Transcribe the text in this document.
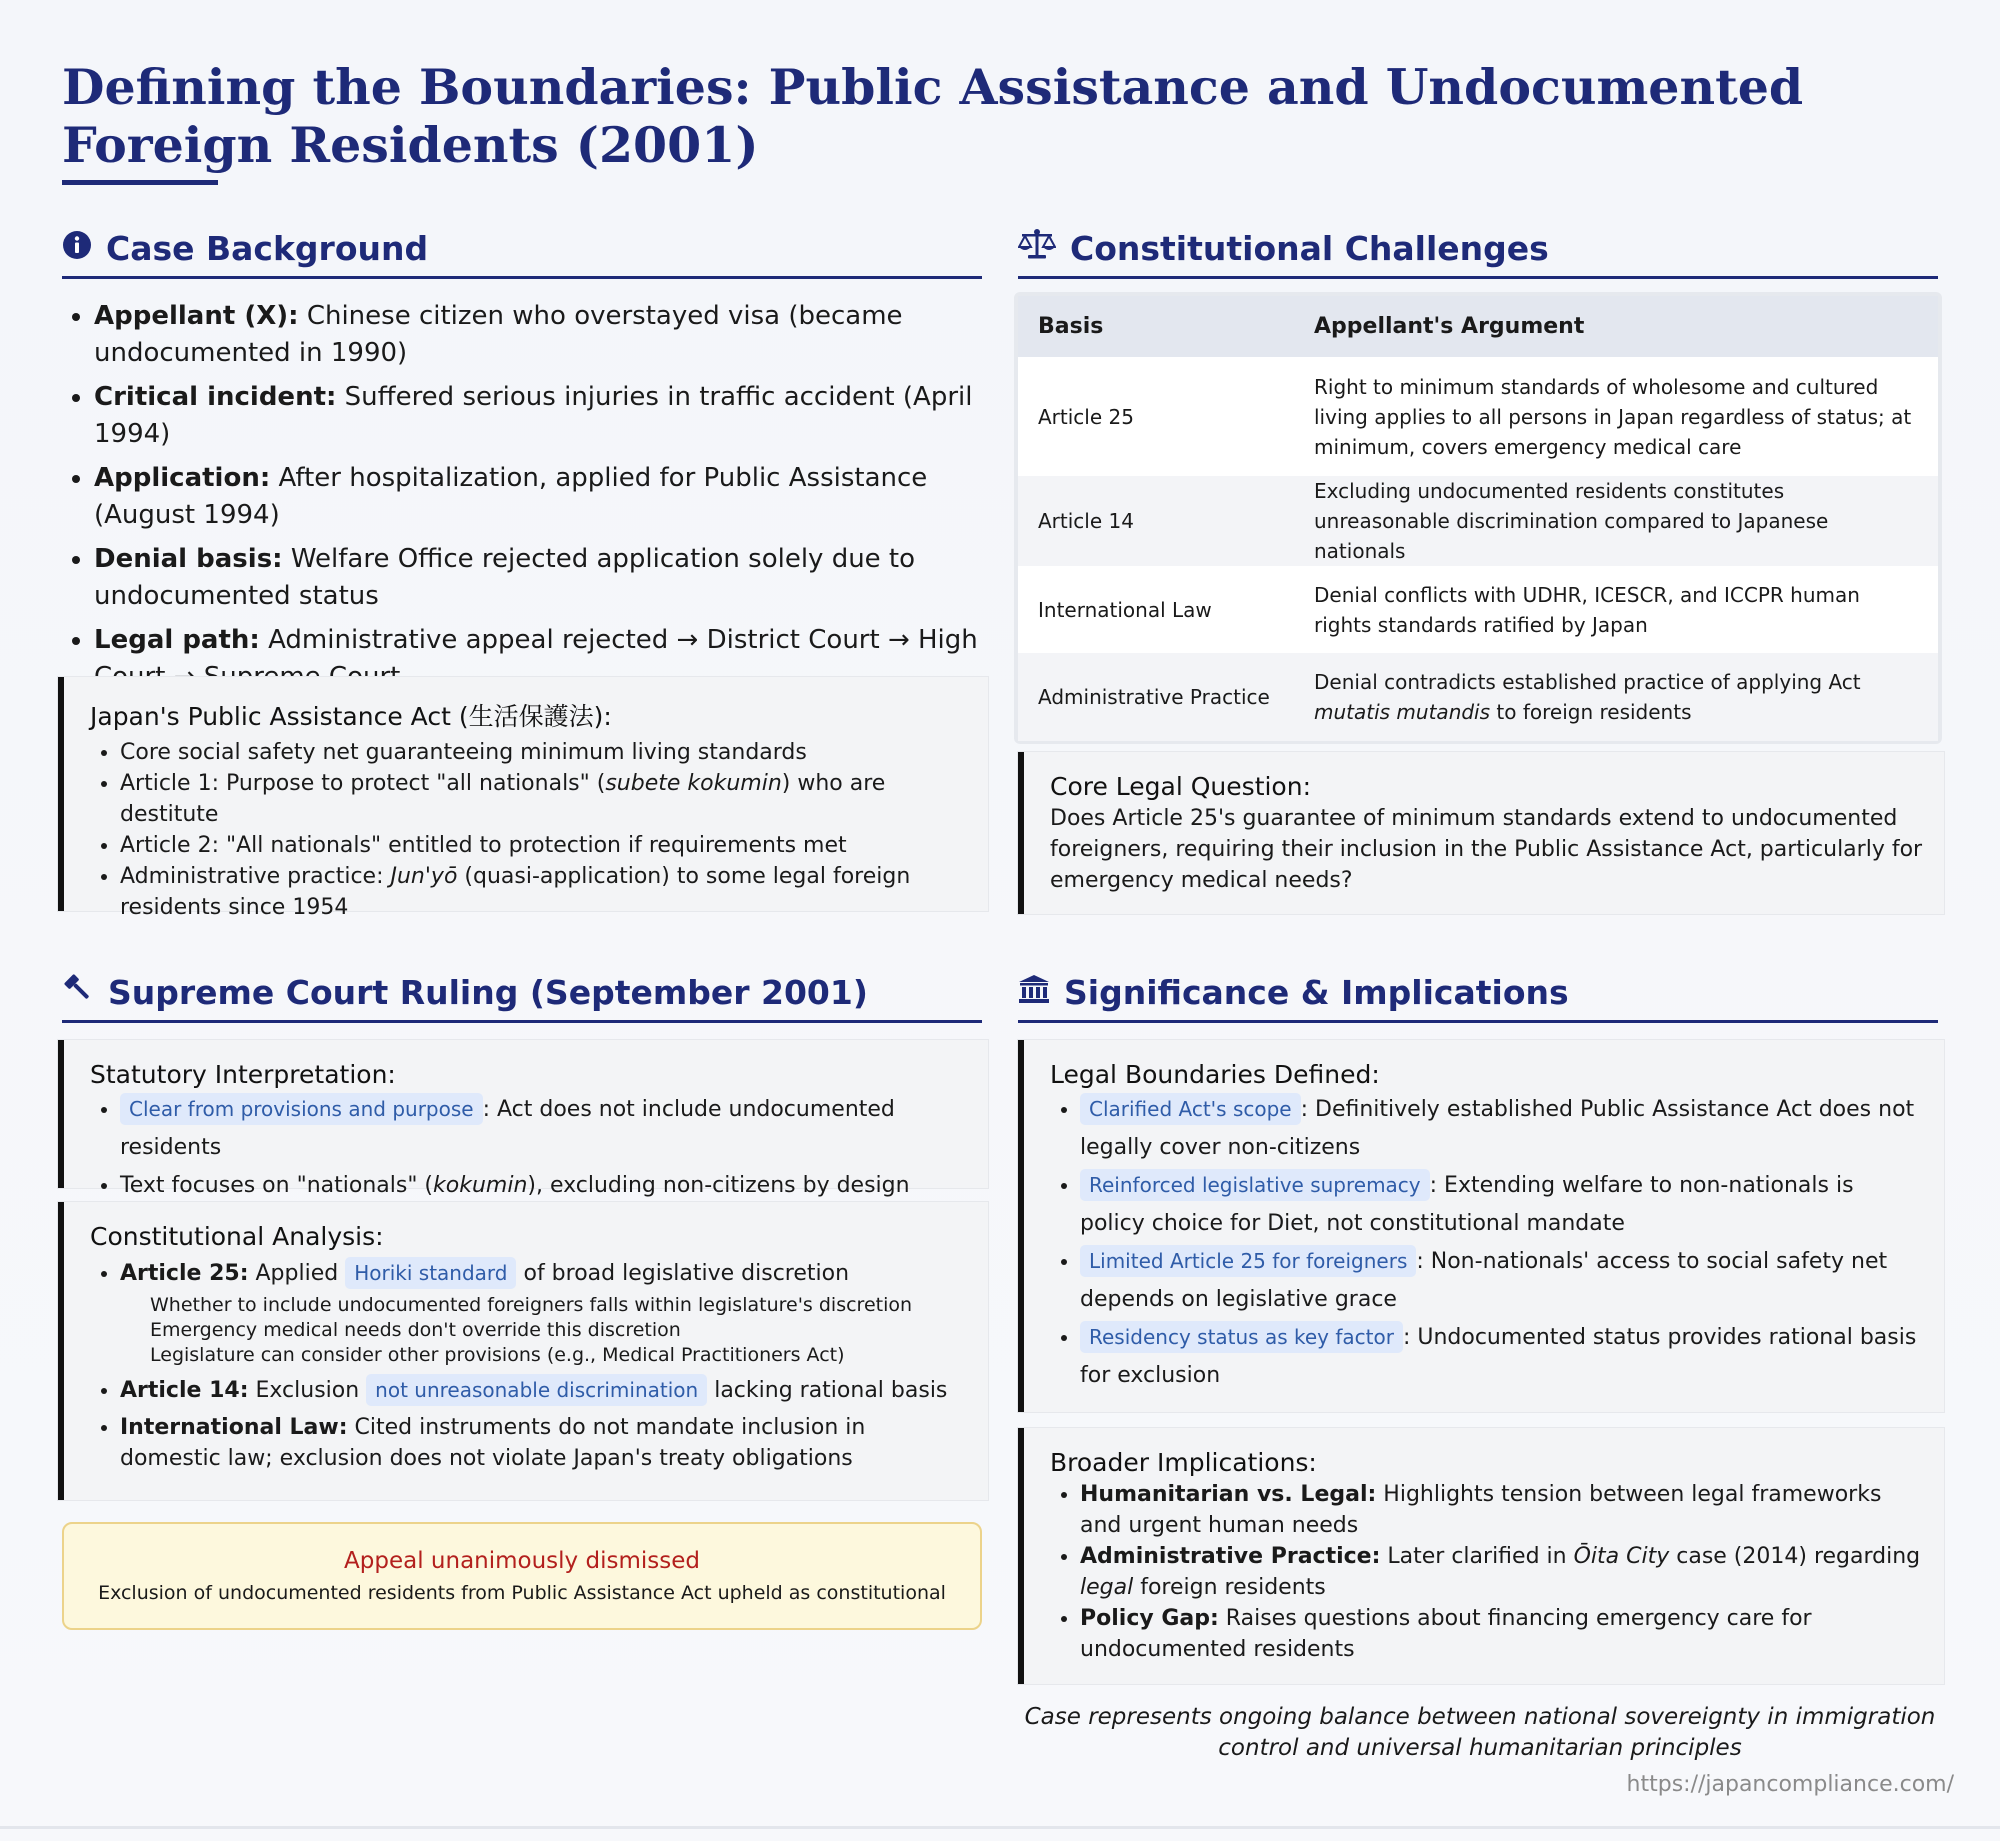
Defining the Boundaries: Public Assistance and Undocumented Foreign Residents (2001)
Case Background
• Appellant (X): Chinese citizen who overstayed visa (became undocumented in 1990)
• Critical incident: Suffered serious injuries in traffic accident (April 1994)
• Application: After hospitalization, applied for Public Assistance (August 1994)
• Denial basis: Welfare Office rejected application solely due to undocumented status
• Legal path: Administrative appeal rejected → District Court → High
Japan's Public Assistance Act (生活保護法):
• Core social safety net guaranteeing minimum living standards
• Article 1: Purpose to protect "all nationals" (subete kokumin) who are destitute
• Article 2: "All nationals" entitled to protection if requirements met
• Administrative practice: Jun'yō (quasi-application) to some legal foreign residents since 1954
Constitutional Challenges
Basis	Appellant's Argument
Article 25	Right to minimum standards of wholesome and cultured living applies to all persons in Japan regardless of status; at minimum, covers emergency medical care
Article 14	Excluding undocumented residents constitutes unreasonable discrimination compared to Japanese nationals
International Law	Denial conflicts with UDHR, ICESCR, and ICCPR human rights standards ratified by Japan
Administrative Practice	Denial contradicts established practice of applying Act mutatis mutandis to foreign residents
Core Legal Question:
Does Article 25's guarantee of minimum standards extend to undocumented foreigners, requiring their inclusion in the Public Assistance Act, particularly for emergency medical needs?
Supreme Court Ruling (September 2001)
Statutory Interpretation:
• Clear from provisions and purpose : Act does not include undocumented residents
• Text focuses on "nationals" (kokumin), excluding non-citizens by design
Constitutional Analysis:
• Article 25: Applied Horiki standard of broad legislative discretion
Whether to include undocumented foreigners falls within legislature's discretion
Emergency medical needs don't override this discretion
Legislature can consider other provisions (e.g., Medical Practitioners Act)
• Article 14: Exclusion not unreasonable discrimination lacking rational basis
• International Law: Cited instruments do not mandate inclusion in domestic law; exclusion does not violate Japan's treaty obligations
Appeal unanimously dismissed
Exclusion of undocumented residents from Public Assistance Act upheld as constitutional
Significance & Implications
Legal Boundaries Defined:
• Clarified Act's scope : Definitively established Public Assistance Act does not legally cover non-citizens
• Reinforced legislative supremacy : Extending welfare to non-nationals is policy choice for Diet, not constitutional mandate
• Limited Article 25 for foreigners : Non-nationals' access to social safety net depends on legislative grace
• Residency status as key factor : Undocumented status provides rational basis for exclusion
Broader Implications:
• Humanitarian vs. Legal: Highlights tension between legal frameworks and urgent human needs
• Administrative Practice: Later clarified in Ōita City case (2014) regarding legal foreign residents
• Policy Gap: Raises questions about financing emergency care for undocumented residents
Case represents ongoing balance between national sovereignty in immigration control and universal humanitarian principles
https://japancompliance.com/
